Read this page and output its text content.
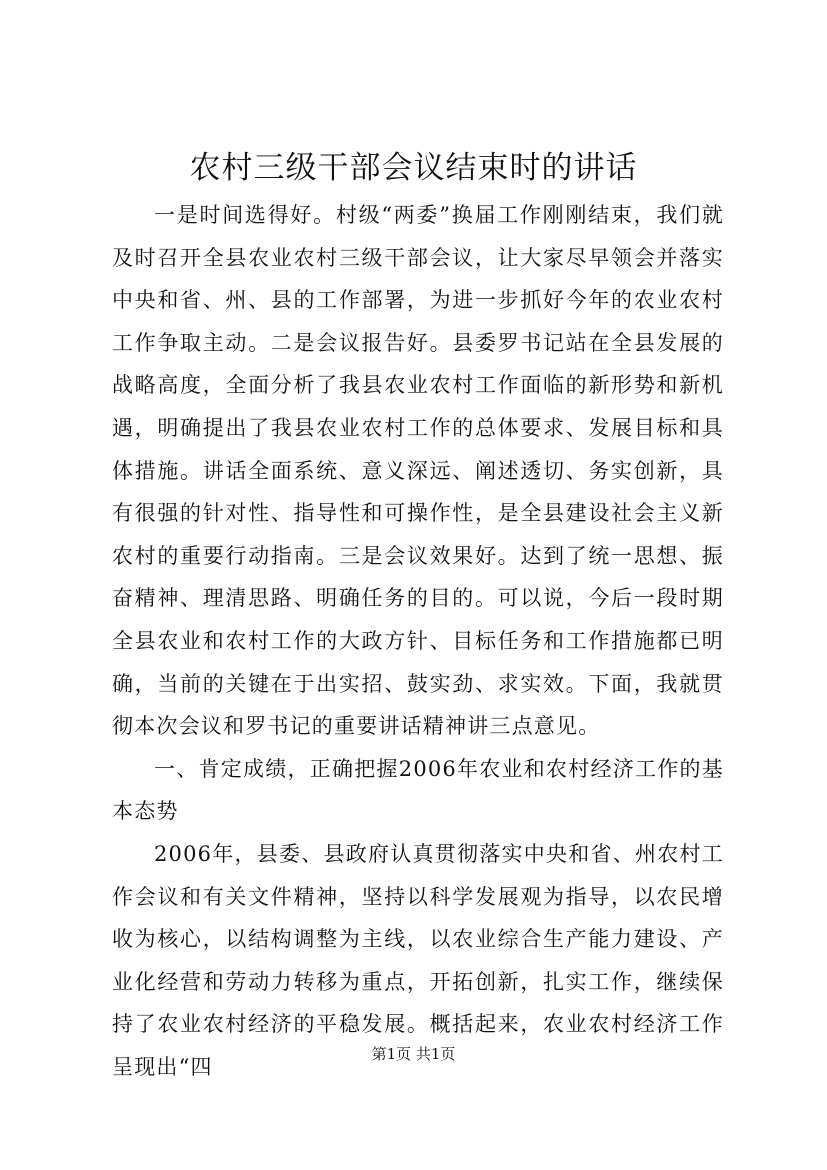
农村三级干部会议结束时的讲话

一是时间选得好。村级“两委”换届工作刚刚结束，我们就及时召开全县农业农村三级干部会议，让大家尽早领会并落实中央和省、州、县的工作部署，为进一步抓好今年的农业农村工作争取主动。二是会议报告好。县委罗书记站在全县发展的战略高度，全面分析了我县农业农村工作面临的新形势和新机遇，明确提出了我县农业农村工作的总体要求、发展目标和具体措施。讲话全面系统、意义深远、阐述透切、务实创新，具有很强的针对性、指导性和可操作性，是全县建设社会主义新农村的重要行动指南。三是会议效果好。达到了统一思想、振奋精神、理清思路、明确任务的目的。可以说，今后一段时期全县农业和农村工作的大政方针、目标任务和工作措施都已明确，当前的关键在于出实招、鼓实劲、求实效。下面，我就贯彻本次会议和罗书记的重要讲话精神讲三点意见。

一、肯定成绩，正确把握2006年农业和农村经济工作的基本态势

2006年，县委、县政府认真贯彻落实中央和省、州农村工作会议和有关文件精神，坚持以科学发展观为指导，以农民增收为核心，以结构调整为主线，以农业综合生产能力建设、产业化经营和劳动力转移为重点，开拓创新，扎实工作，继续保持了农业农村经济的平稳发展。概括起来，农业农村经济工作呈现出“四

第1页 共1页
